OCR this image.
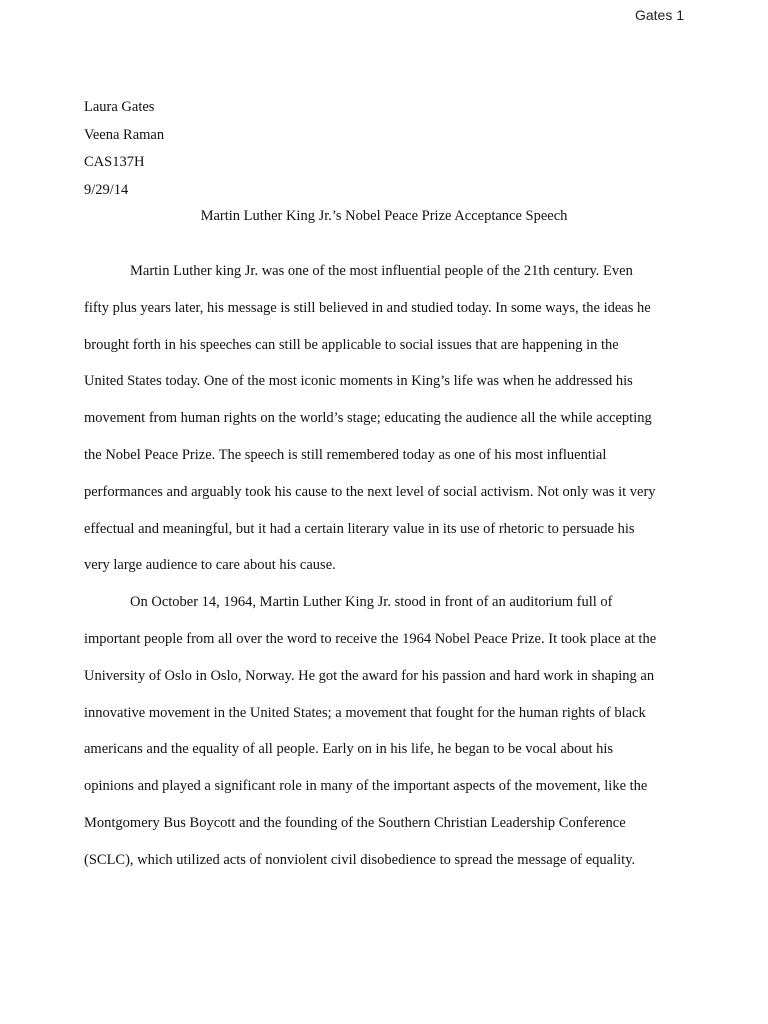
Gates 1
Laura Gates
Veena Raman
CAS137H
9/29/14
Martin Luther King Jr.’s Nobel Peace Prize Acceptance Speech

Martin Luther king Jr. was one of the most influential people of the 21th century. Even
fifty plus years later, his message is still believed in and studied today. In some ways, the ideas he
brought forth in his speeches can still be applicable to social issues that are happening in the
United States today. One of the most iconic moments in King’s life was when he addressed his
movement from human rights on the world’s stage; educating the audience all the while accepting
the Nobel Peace Prize. The speech is still remembered today as one of his most influential
performances and arguably took his cause to the next level of social activism. Not only was it very
effectual and meaningful, but it had a certain literary value in its use of rhetoric to persuade his
very large audience to care about his cause.

On October 14, 1964, Martin Luther King Jr. stood in front of an auditorium full of
important people from all over the word to receive the 1964 Nobel Peace Prize. It took place at the
University of Oslo in Oslo, Norway. He got the award for his passion and hard work in shaping an
innovative movement in the United States; a movement that fought for the human rights of black
americans and the equality of all people. Early on in his life, he began to be vocal about his
opinions and played a significant role in many of the important aspects of the movement, like the
Montgomery Bus Boycott and the founding of the Southern Christian Leadership Conference
(SCLC), which utilized acts of nonviolent civil disobedience to spread the message of equality.
